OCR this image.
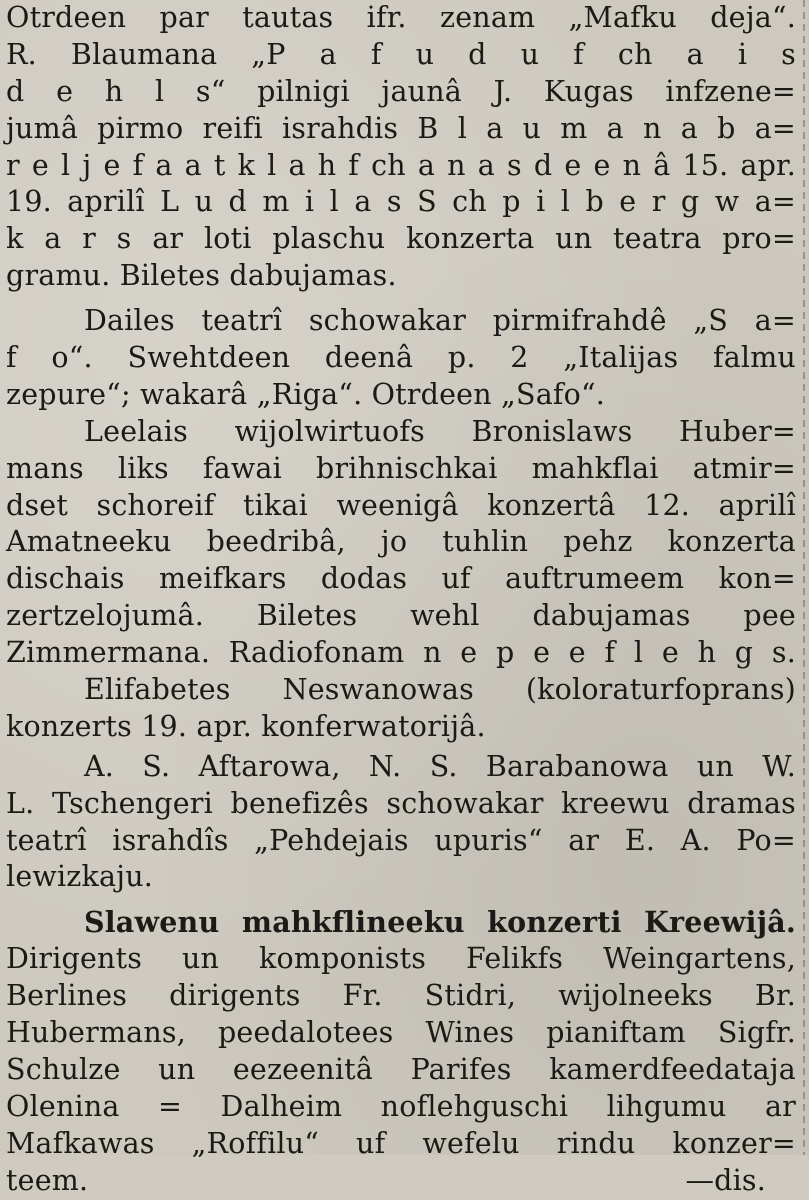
Otrdeen par tautas ifr. zenam „Mafku deja“.
R. Blaumana „P a f u d u f ch a i s
d e h l s“ pilnigi jaunâ J. Kugas infzene=
jumâ pirmo reifi israhdis B l a u m a n a b a=
r e l j e f a a t k l a h f ch a n a s d e e n â 15. apr.
19. aprilî L u d m i l a s S ch p i l b e r g w a=
k a r s ar loti plaschu konzerta un teatra pro=
gramu. Biletes dabujamas.
Dailes teatrî schowakar pirmifrahdê „S a=
f o“. Swehtdeen deenâ p. 2 „Italijas falmu
zepure“; wakarâ „Riga“. Otrdeen „Safo“.
Leelais wijolwirtuofs Bronislaws Huber=
mans liks fawai brihnischkai mahkflai atmir=
dset schoreif tikai weenigâ konzertâ 12. aprilî
Amatneeku beedribâ, jo tuhlin pehz konzerta
dischais meifkars dodas uf auftrumeem kon=
zertzelojumâ. Biletes wehl dabujamas pee
Zimmermana. Radiofonam n e p e e f l e h g s.
Elifabetes Neswanowas (koloraturfoprans)
konzerts 19. apr. konferwatorijâ.
A. S. Aftarowa, N. S. Barabanowa un W.
L. Tschengeri benefizês schowakar kreewu dramas
teatrî israhdîs „Pehdejais upuris“ ar E. A. Po=
lewizkaju.
Slawenu mahkflineeku konzerti Kreewijâ.
Dirigents un komponists Felikfs Weingartens,
Berlines dirigents Fr. Stidri, wijolneeks Br.
Hubermans, peedalotees Wines pianiftam Sigfr.
Schulze un eezeenitâ Parifes kamerdfeedataja
Olenina = Dalheim noflehguschi lihgumu ar
Mafkawas „Roffilu“ uf wefelu rindu konzer=
teem.	—dis.
